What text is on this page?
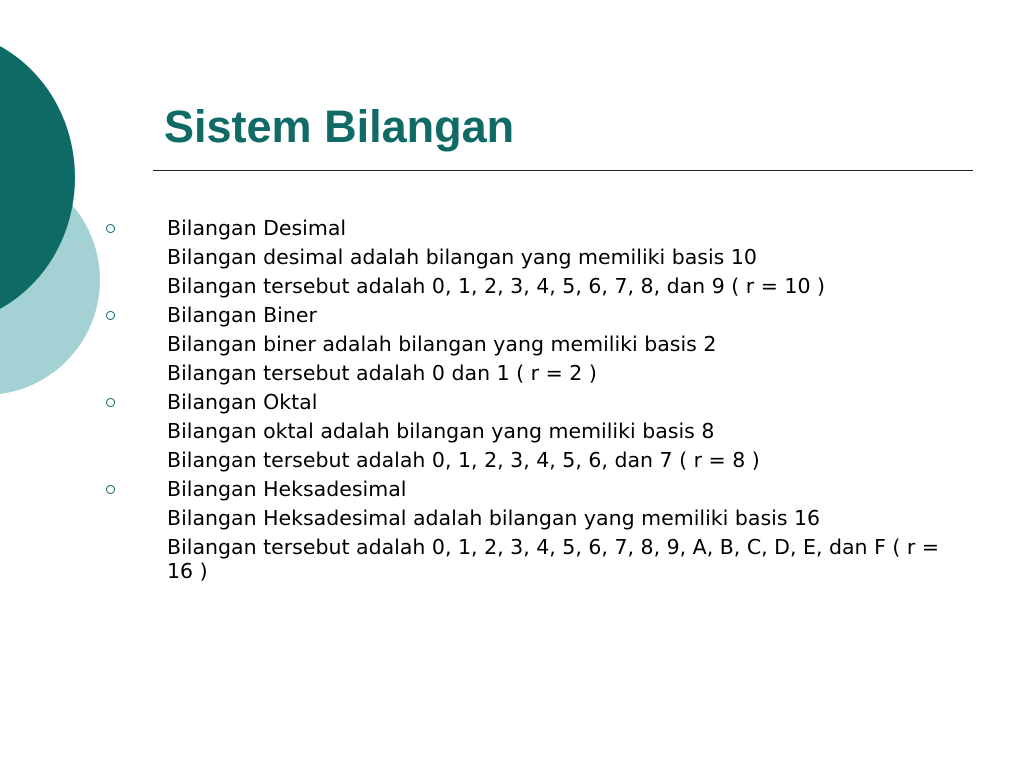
Sistem Bilangan
Bilangan Desimal
Bilangan desimal adalah bilangan yang memiliki basis 10
Bilangan tersebut adalah 0, 1, 2, 3, 4, 5, 6, 7, 8, dan 9 ( r = 10 )
Bilangan Biner
Bilangan biner adalah bilangan yang memiliki basis 2
Bilangan tersebut adalah 0 dan 1 ( r = 2 )
Bilangan Oktal
Bilangan oktal adalah bilangan yang memiliki basis 8
Bilangan tersebut adalah 0, 1, 2, 3, 4, 5, 6, dan 7 ( r = 8 )
Bilangan Heksadesimal
Bilangan Heksadesimal adalah bilangan yang memiliki basis 16
Bilangan tersebut adalah 0, 1, 2, 3, 4, 5, 6, 7, 8, 9, A, B, C, D, E, dan F ( r = 16 )
